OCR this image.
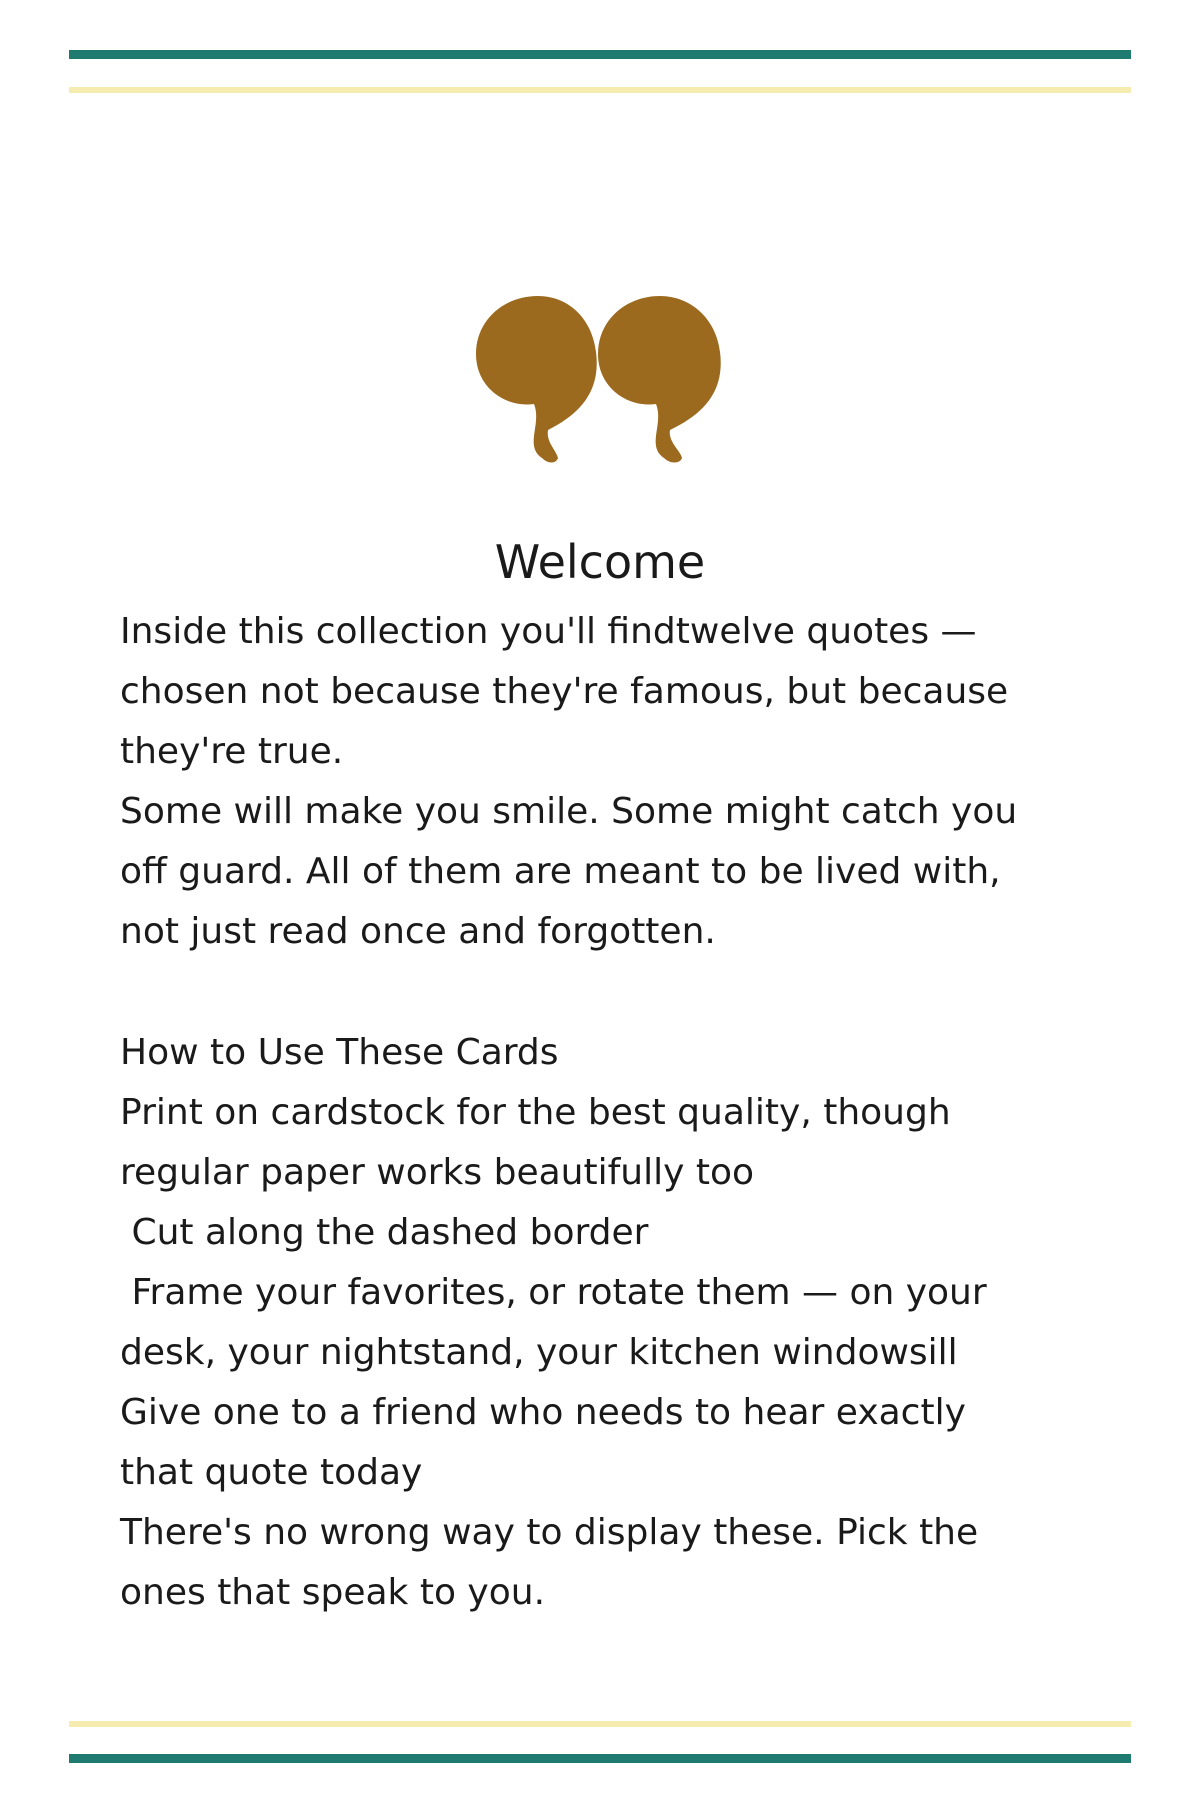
Welcome
Inside this collection you'll findtwelve quotes —
chosen not because they're famous, but because
they're true.
Some will make you smile. Some might catch you
off guard. All of them are meant to be lived with,
not just read once and forgotten.
How to Use These Cards
Print on cardstock for the best quality, though
regular paper works beautifully too
Cut along the dashed border
Frame your favorites, or rotate them — on your
desk, your nightstand, your kitchen windowsill
Give one to a friend who needs to hear exactly
that quote today
There's no wrong way to display these. Pick the
ones that speak to you.
